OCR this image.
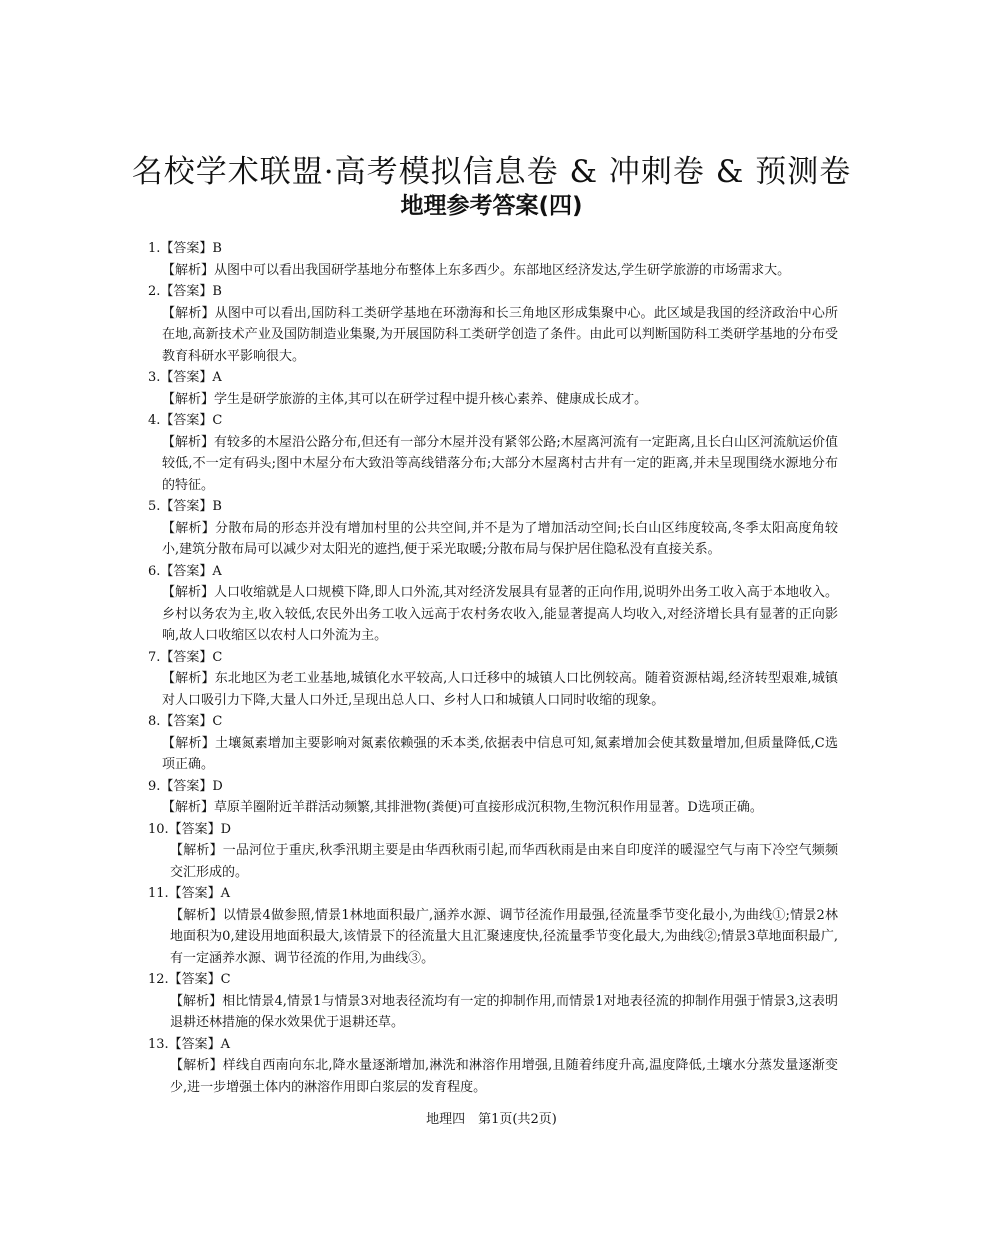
名校学术联盟·高考模拟信息卷 & 冲刺卷 & 预测卷
地理参考答案(四)
1.【答案】B
【解析】从图中可以看出我国研学基地分布整体上东多西少。东部地区经济发达,学生研学旅游的市场需求大。
2.【答案】B
【解析】从图中可以看出,国防科工类研学基地在环渤海和长三角地区形成集聚中心。此区域是我国的经济政治中心所在地,高新技术产业及国防制造业集聚,为开展国防科工类研学创造了条件。由此可以判断国防科工类研学基地的分布受教育科研水平影响很大。
3.【答案】A
【解析】学生是研学旅游的主体,其可以在研学过程中提升核心素养、健康成长成才。
4.【答案】C
【解析】有较多的木屋沿公路分布,但还有一部分木屋并没有紧邻公路;木屋离河流有一定距离,且长白山区河流航运价值较低,不一定有码头;图中木屋分布大致沿等高线错落分布;大部分木屋离村古井有一定的距离,并未呈现围绕水源地分布的特征。
5.【答案】B
【解析】分散布局的形态并没有增加村里的公共空间,并不是为了增加活动空间;长白山区纬度较高,冬季太阳高度角较小,建筑分散布局可以减少对太阳光的遮挡,便于采光取暖;分散布局与保护居住隐私没有直接关系。
6.【答案】A
【解析】人口收缩就是人口规模下降,即人口外流,其对经济发展具有显著的正向作用,说明外出务工收入高于本地收入。乡村以务农为主,收入较低,农民外出务工收入远高于农村务农收入,能显著提高人均收入,对经济增长具有显著的正向影响,故人口收缩区以农村人口外流为主。
7.【答案】C
【解析】东北地区为老工业基地,城镇化水平较高,人口迁移中的城镇人口比例较高。随着资源枯竭,经济转型艰难,城镇对人口吸引力下降,大量人口外迁,呈现出总人口、乡村人口和城镇人口同时收缩的现象。
8.【答案】C
【解析】土壤氮素增加主要影响对氮素依赖强的禾本类,依据表中信息可知,氮素增加会使其数量增加,但质量降低,C选项正确。
9.【答案】D
【解析】草原羊圈附近羊群活动频繁,其排泄物(粪便)可直接形成沉积物,生物沉积作用显著。D选项正确。
10.【答案】D
【解析】一品河位于重庆,秋季汛期主要是由华西秋雨引起,而华西秋雨是由来自印度洋的暖湿空气与南下冷空气频频交汇形成的。
11.【答案】A
【解析】以情景4做参照,情景1林地面积最广,涵养水源、调节径流作用最强,径流量季节变化最小,为曲线①;情景2林地面积为0,建设用地面积最大,该情景下的径流量大且汇聚速度快,径流量季节变化最大,为曲线②;情景3草地面积最广,有一定涵养水源、调节径流的作用,为曲线③。
12.【答案】C
【解析】相比情景4,情景1与情景3对地表径流均有一定的抑制作用,而情景1对地表径流的抑制作用强于情景3,这表明退耕还林措施的保水效果优于退耕还草。
13.【答案】A
【解析】样线自西南向东北,降水量逐渐增加,淋洗和淋溶作用增强,且随着纬度升高,温度降低,土壤水分蒸发量逐渐变少,进一步增强土体内的淋溶作用即白浆层的发育程度。
地理四　第1页(共2页)
